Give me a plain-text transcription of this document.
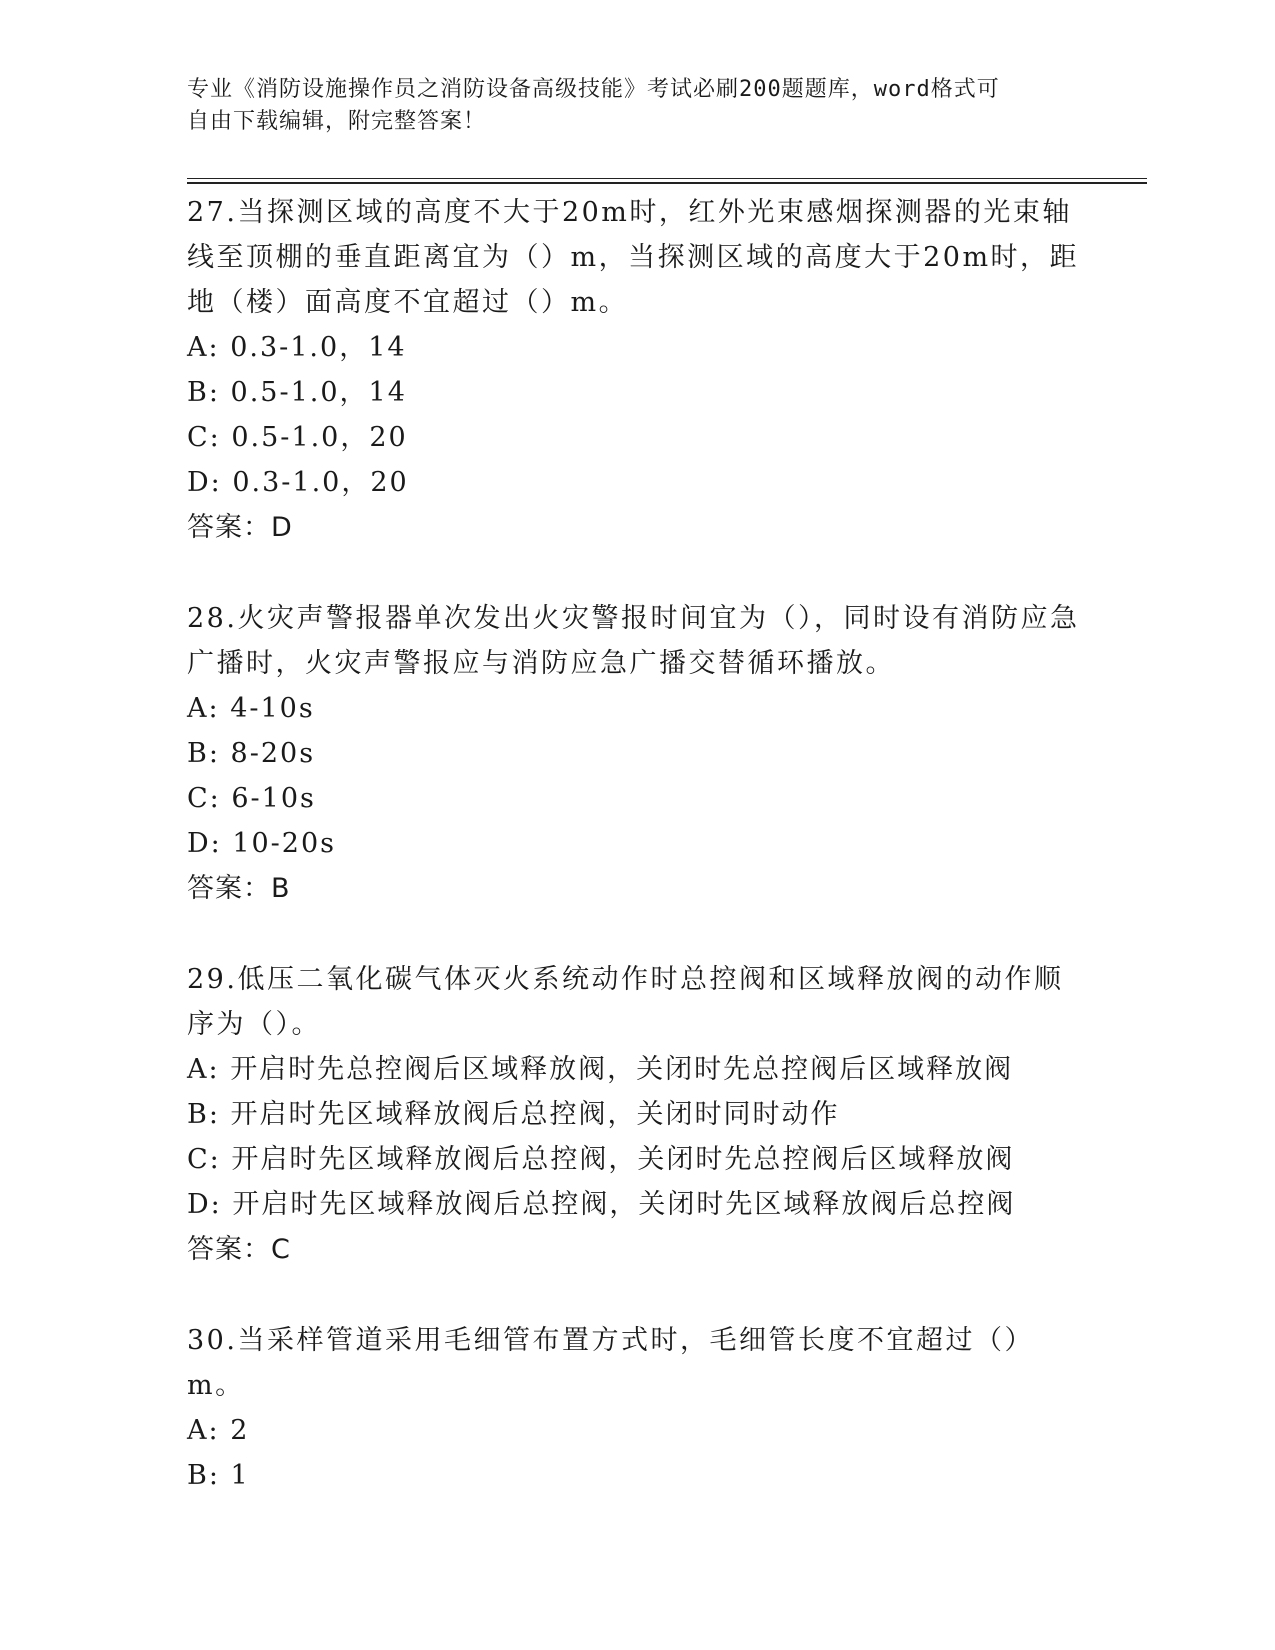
专业《消防设施操作员之消防设备高级技能》考试必刷200题题库，word格式可
自由下载编辑，附完整答案！

27.当探测区域的高度不大于20m时，红外光束感烟探测器的光束轴线至顶棚的垂直距离宜为（）m，当探测区域的高度大于20m时，距地（楼）面高度不宜超过（）m。

A: 0.3-1.0，14
B: 0.5-1.0，14
C: 0.5-1.0，20
D: 0.3-1.0，20

答案：D

28.火灾声警报器单次发出火灾警报时间宜为（），同时设有消防应急广播时，火灾声警报应与消防应急广播交替循环播放。

A: 4-10s
B: 8-20s
C: 6-10s
D: 10-20s

答案：B

29.低压二氧化碳气体灭火系统动作时总控阀和区域释放阀的动作顺序为（）。

A: 开启时先总控阀后区域释放阀，关闭时先总控阀后区域释放阀
B: 开启时先区域释放阀后总控阀，关闭时同时动作
C: 开启时先区域释放阀后总控阀，关闭时先总控阀后区域释放阀
D: 开启时先区域释放阀后总控阀，关闭时先区域释放阀后总控阀

答案：C

30.当采样管道采用毛细管布置方式时，毛细管长度不宜超过（）m。

A: 2
B: 1
